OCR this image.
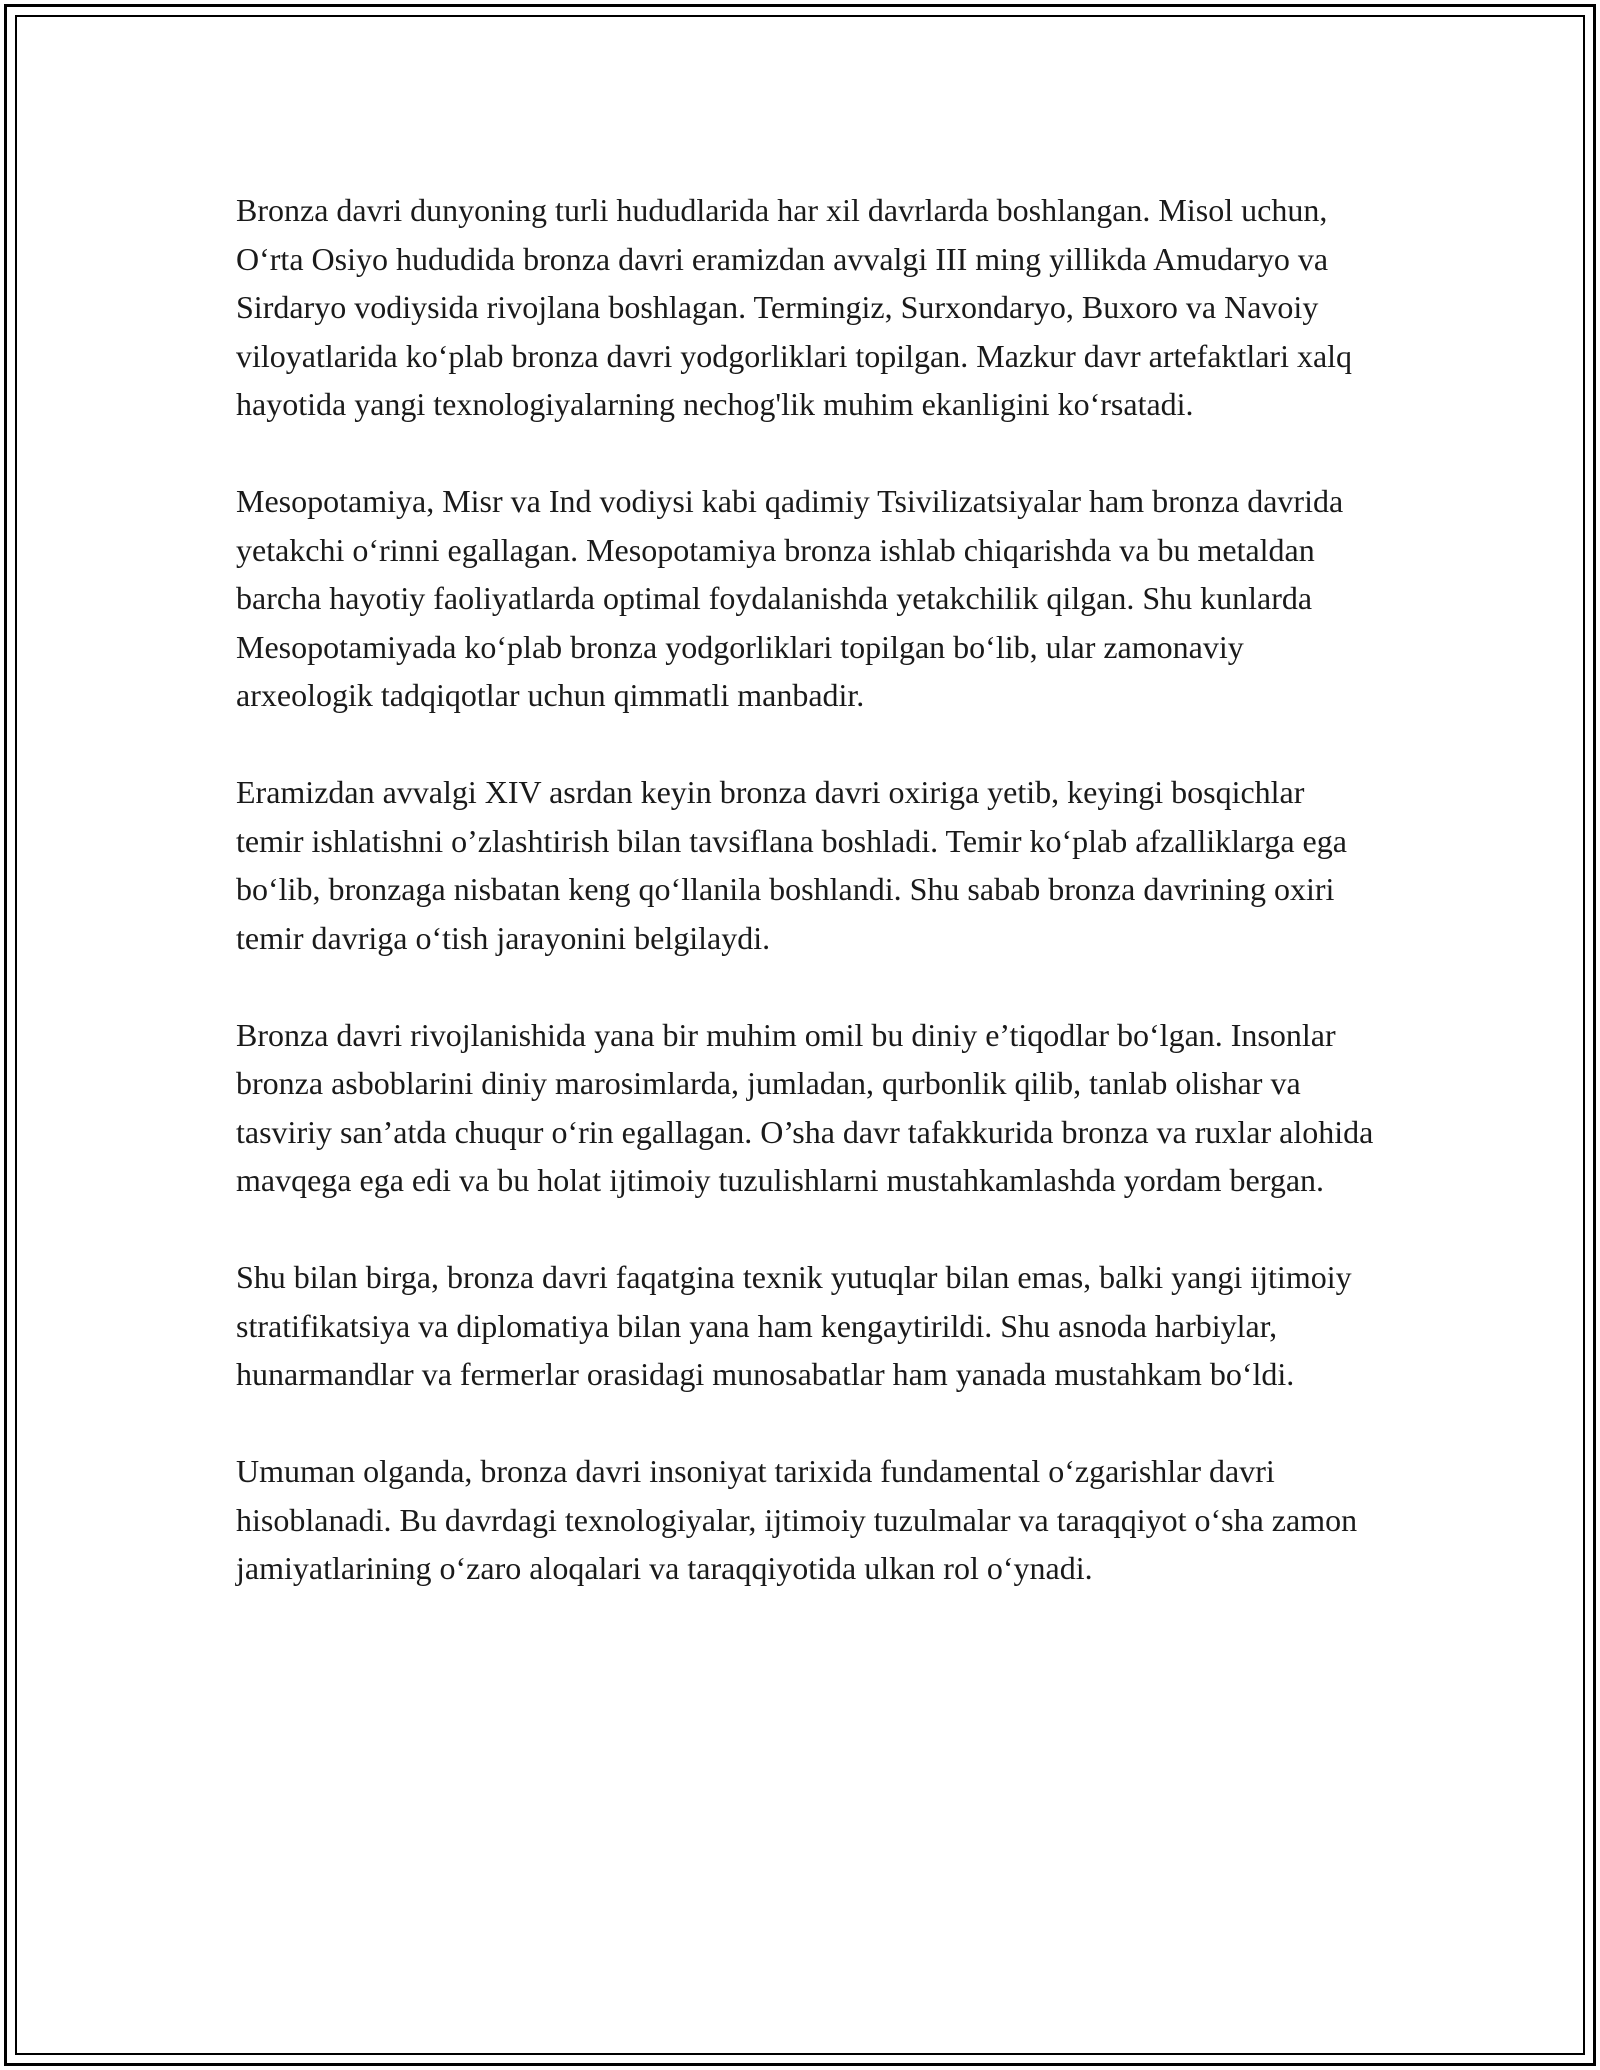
Bronza davri dunyoning turli hududlarida har xil davrlarda boshlangan. Misol uchun, Oʻrta Osiyo hududida bronza davri eramizdan avvalgi III ming yillikda Amudaryo va Sirdaryo vodiysida rivojlana boshlagan. Termingiz, Surxondaryo, Buxoro va Navoiy viloyatlarida koʻplab bronza davri yodgorliklari topilgan. Mazkur davr artefaktlari xalq hayotida yangi texnologiyalarning nechog'lik muhim ekanligini koʻrsatadi.

Mesopotamiya, Misr va Ind vodiysi kabi qadimiy Tsivilizatsiyalar ham bronza davrida yetakchi oʻrinni egallagan. Mesopotamiya bronza ishlab chiqarishda va bu metaldan barcha hayotiy faoliyatlarda optimal foydalanishda yetakchilik qilgan. Shu kunlarda Mesopotamiyada koʻplab bronza yodgorliklari topilgan boʻlib, ular zamonaviy arxeologik tadqiqotlar uchun qimmatli manbadir.

Eramizdan avvalgi XIV asrdan keyin bronza davri oxiriga yetib, keyingi bosqichlar temir ishlatishni o’zlashtirish bilan tavsiflana boshladi. Temir koʻplab afzalliklarga ega boʻlib, bronzaga nisbatan keng qoʻllanila boshlandi. Shu sabab bronza davrining oxiri temir davriga oʻtish jarayonini belgilaydi.

Bronza davri rivojlanishida yana bir muhim omil bu diniy e’tiqodlar boʻlgan. Insonlar bronza asboblarini diniy marosimlarda, jumladan, qurbonlik qilib, tanlab olishar va tasviriy san’atda chuqur oʻrin egallagan. O’sha davr tafakkurida bronza va ruxlar alohida mavqega ega edi va bu holat ijtimoiy tuzulishlarni mustahkamlashda yordam bergan.

Shu bilan birga, bronza davri faqatgina texnik yutuqlar bilan emas, balki yangi ijtimoiy stratifikatsiya va diplomatiya bilan yana ham kengaytirildi. Shu asnoda harbiylar, hunarmandlar va fermerlar orasidagi munosabatlar ham yanada mustahkam boʻldi.

Umuman olganda, bronza davri insoniyat tarixida fundamental oʻzgarishlar davri hisoblanadi. Bu davrdagi texnologiyalar, ijtimoiy tuzulmalar va taraqqiyot oʻsha zamon jamiyatlarining oʻzaro aloqalari va taraqqiyotida ulkan rol oʻynadi.
